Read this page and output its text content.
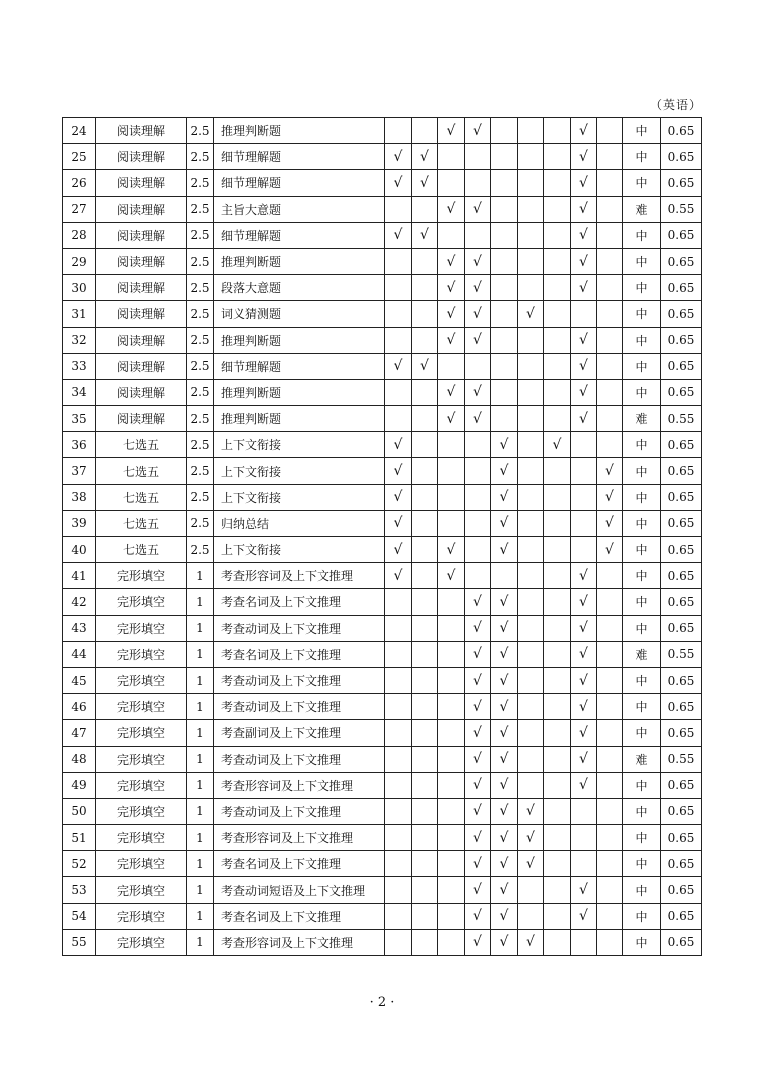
（英语）
24	阅读理解	2.5	推理判断题			√	√				√		中	0.65
25	阅读理解	2.5	细节理解题	√	√						√		中	0.65
26	阅读理解	2.5	细节理解题	√	√						√		中	0.65
27	阅读理解	2.5	主旨大意题			√	√				√		难	0.55
28	阅读理解	2.5	细节理解题	√	√						√		中	0.65
29	阅读理解	2.5	推理判断题			√	√				√		中	0.65
30	阅读理解	2.5	段落大意题			√	√				√		中	0.65
31	阅读理解	2.5	词义猜测题			√	√		√				中	0.65
32	阅读理解	2.5	推理判断题			√	√				√		中	0.65
33	阅读理解	2.5	细节理解题	√	√						√		中	0.65
34	阅读理解	2.5	推理判断题			√	√				√		中	0.65
35	阅读理解	2.5	推理判断题			√	√				√		难	0.55
36	七选五	2.5	上下文衔接	√				√		√			中	0.65
37	七选五	2.5	上下文衔接	√				√				√	中	0.65
38	七选五	2.5	上下文衔接	√				√				√	中	0.65
39	七选五	2.5	归纳总结	√				√				√	中	0.65
40	七选五	2.5	上下文衔接	√		√		√				√	中	0.65
41	完形填空	1	考查形容词及上下文推理	√		√					√		中	0.65
42	完形填空	1	考查名词及上下文推理				√	√			√		中	0.65
43	完形填空	1	考查动词及上下文推理				√	√			√		中	0.65
44	完形填空	1	考查名词及上下文推理				√	√			√		难	0.55
45	完形填空	1	考查动词及上下文推理				√	√			√		中	0.65
46	完形填空	1	考查动词及上下文推理				√	√			√		中	0.65
47	完形填空	1	考查副词及上下文推理				√	√			√		中	0.65
48	完形填空	1	考查动词及上下文推理				√	√			√		难	0.55
49	完形填空	1	考查形容词及上下文推理				√	√			√		中	0.65
50	完形填空	1	考查动词及上下文推理				√	√	√				中	0.65
51	完形填空	1	考查形容词及上下文推理				√	√	√				中	0.65
52	完形填空	1	考查名词及上下文推理				√	√	√				中	0.65
53	完形填空	1	考查动词短语及上下文推理				√	√			√		中	0.65
54	完形填空	1	考查名词及上下文推理				√	√			√		中	0.65
55	完形填空	1	考查形容词及上下文推理				√	√	√				中	0.65
· 2 ·
